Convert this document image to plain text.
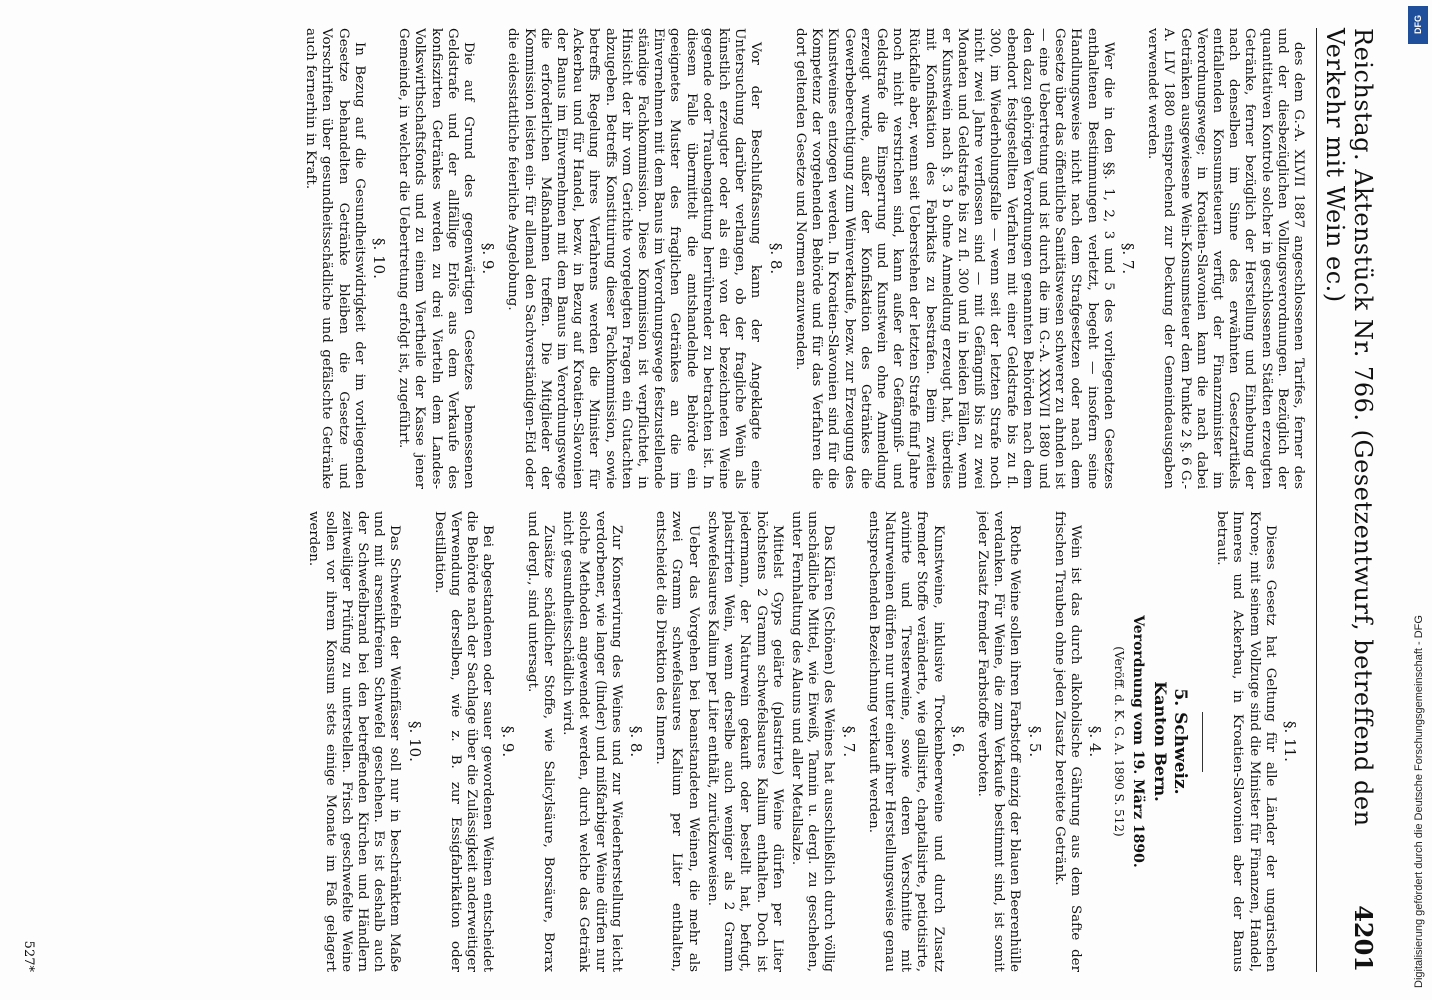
Reichstag. Aktenstück Nr. 766. (Gesetzentwurf, betreffend den Verkehr mit Wein ec.)
4201

des dem G.-A. XLVII 1887 angeschlossenen Tarifes, ferner des und der diesbezüglichen Vollzugsverordnungen. Bezüglich der quantitativen Kontrole solcher in geschlossenen Städten erzeugten Getränke, ferner bezüglich der Herstellung und Einhebung der nach denselben im Sinne des erwähnten Gesetzartikels entfallenden Konsumsteuern verfügt der Finanzminister im Verordnungswege; in Kroatien-Slavonien kann die nach dabei Getränken ausgewiesene Wein-Konsumsteuer dem Punkte 2 §. 6 G.-A. LIV 1880 entsprechend zur Deckung der Gemeindeausgaben verwendet werden.

§. 7.

Wer die in den §§. 1, 2, 3 und 5 des vorliegenden Gesetzes enthaltenen Bestimmungen verletzt, begeht — insofern seine Handlungsweise nicht nach dem Strafgesetzen oder nach dem Gesetze über das öffentliche Sanitätswesen schwerer zu ahnden ist — eine Uebertretung und ist durch die im G.-A. XXXVII 1880 und den dazu gehörigen Verordnungen genannten Behörden nach dem ebendort festgestellten Verfahren mit einer Geldstrafe bis zu fl. 300, im Wiederholungsfalle — wenn seit der letzten Strafe noch nicht zwei Jahre verflossen sind — mit Gefängniß bis zu zwei Monaten und Geldstrafe bis zu fl. 300 und in beiden Fällen, wenn er Kunstwein nach §. 3 b ohne Anmeldung erzeugt hat, überdies mit Konfiskation des Fabrikats zu bestrafen. Beim zweiten Rückfalle aber, wenn seit Ueberstehen der letzten Strafe fünf Jahre noch nicht verstrichen sind, kann außer der Gefängniß- und Geldstrafe die Einsperrung und Kunstwein ohne Anmeldung erzeugt wurde, außer der Konfiskation des Getränkes die Gewerbeberechtigung zum Weinverkaufe, bezw. zur Erzeugung des Kunstweines entzogen werden. In Kroatien-Slavonien sind für die Kompetenz der vorgehenden Behörde und für das Verfahren die dort geltenden Gesetze und Normen anzuwenden.

§. 8.

Vor der Beschlußfassung kann der Angeklagte eine Untersuchung darüber verlangen, ob der fragliche Wein als künstlich erzeugter oder als ein von der bezeichneten Weine gegende oder Traubengattung herrührender zu betrachten ist. In diesem Falle übermittelt die amtshandelnde Behörde ein geeignetes Muster des fraglichen Getränkes an die im Einvernehmen mit dem Banus im Verordnungswege festzustellende ständige Fachkommission. Diese Kommission ist verpflichtet, in Hinsicht der ihr vom Gerichte vorgelegten Fragen ein Gutachten abzugeben. Betreffs Konstituirung dieser Fachkommission, sowie betreffs Regelung ihres Verfahrens werden die Minister für Ackerbau und für Handel, bezw. in Bezug auf Kroatien-Slavonien der Banus im Einvernehmen mit dem Banus im Verordnungswege die erforderlichen Maßnahmen treffen. Die Mitglieder der Kommission leisten ein- für allemal den Sachverständigen-Eid oder die eidesstattliche feierliche Angelobung.

§. 9.

Die auf Grund des gegenwärtigen Gesetzes bemessenen Geldstrafe und der allfällige Erlös aus dem Verkaufe des konfiszirten Getränkes werden zu drei Vierteln dem Landes-Volkswirthschaftsfonds und zu einem Viertheile der Kasse jener Gemeinde, in welcher die Uebertretung erfolgt ist, zugeführt.

§. 10.

In Bezug auf die Gesundheitswidrigkeit der im vorliegenden Gesetze behandelten Getränke bleiben die Gesetze und Vorschriften über gesundheitsschädliche und gefälschte Getränke auch fernerhin in Kraft.

§. 11.

Dieses Gesetz hat Geltung für alle Länder der ungarischen Krone; mit seinem Vollzuge sind die Minister für Finanzen, Handel, Inneres und Ackerbau, in Kroatien-Slavonien aber der Banus betraut.

5. Schweiz.
Kanton Bern.
Verordnung vom 19. März 1890.
(Veröff. d. K. G. A. 1890 S. 512)
§. 4.

Wein ist das durch alkoholische Gährung aus dem Safte der frischen Trauben ohne jeden Zusatz bereitete Getränk.

§. 5.

Rothe Weine sollen ihren Farbstoff einzig der blauen Beerenhülle verdanken. Für Weine, die zum Verkaufe bestimmt sind, ist somit jeder Zusatz fremder Farbstoffe verboten.

§. 6.

Kunstweine, inklusive Trockenbeerweine und durch Zusatz fremder Stoffe veränderte, wie gallisirte, chaptalisirte, petiotisirte, avinirte und Tresterweine, sowie deren Verschnitte mit Naturweinen dürfen nur unter einer ihrer Herstellungsweise genau entsprechenden Bezeichnung verkauft werden.

§. 7.

Das Klären (Schönen) des Weines hat ausschließlich durch völlig unschädliche Mittel, wie Eiweiß, Tannin u. dergl. zu geschehen, unter Fernhaltung des Alauns und aller Metallsalze.

Mittelst Gyps gelärte (plastrirte) Weine dürfen per Liter höchstens 2 Gramm schwefelsaures Kalium enthalten. Doch ist jedermann, der Naturwein gekauft oder bestellt hat, befugt, plastrirten Wein, wenn derselbe auch weniger als 2 Gramm schwefelsaures Kalium per Liter enthält, zurückzuweisen.

Ueber das Vorgehen bei beanstandeten Weinen, die mehr als zwei Gramm schwefelsaures Kalium per Liter enthalten, entscheidet die Direktion des Innern.

§. 8.

Zur Konservirung des Weines und zur Wiederherstellung leicht verdorbener, wie langer (linder) und mißfarbiger Weine dürfen nur solche Methoden angewendet werden, durch welche das Getränk nicht gesundheitsschädlich wird.

Zusätze schädlicher Stoffe, wie Salicylsäure, Borsäure, Borax und dergl., sind untersagt.

§. 9.

Bei abgestandenen oder sauer gewordenen Weinen entscheidet die Behörde nach der Sachlage über die Zulässigkeit anderweitiger Verwendung derselben, wie z. B. zur Essigfabrikation oder Destillation.

§. 10.

Das Schwefeln der Weinfässer soll nur in beschränktem Maße und mit arsenikfreiem Schwefel geschehen. Es ist deshalb auch der Schwefelbrand bei den betreffenden Kirchen und Händlern zeitweiliger Prüfung zu unterstellen. Frisch geschwefelte Weine sollen vor ihrem Konsum stets einige Monate im Faß gelagert werden.

527*
DFG
Digitalisierung gefördert durch die Deutsche Forschungsgemeinschaft - DFG
